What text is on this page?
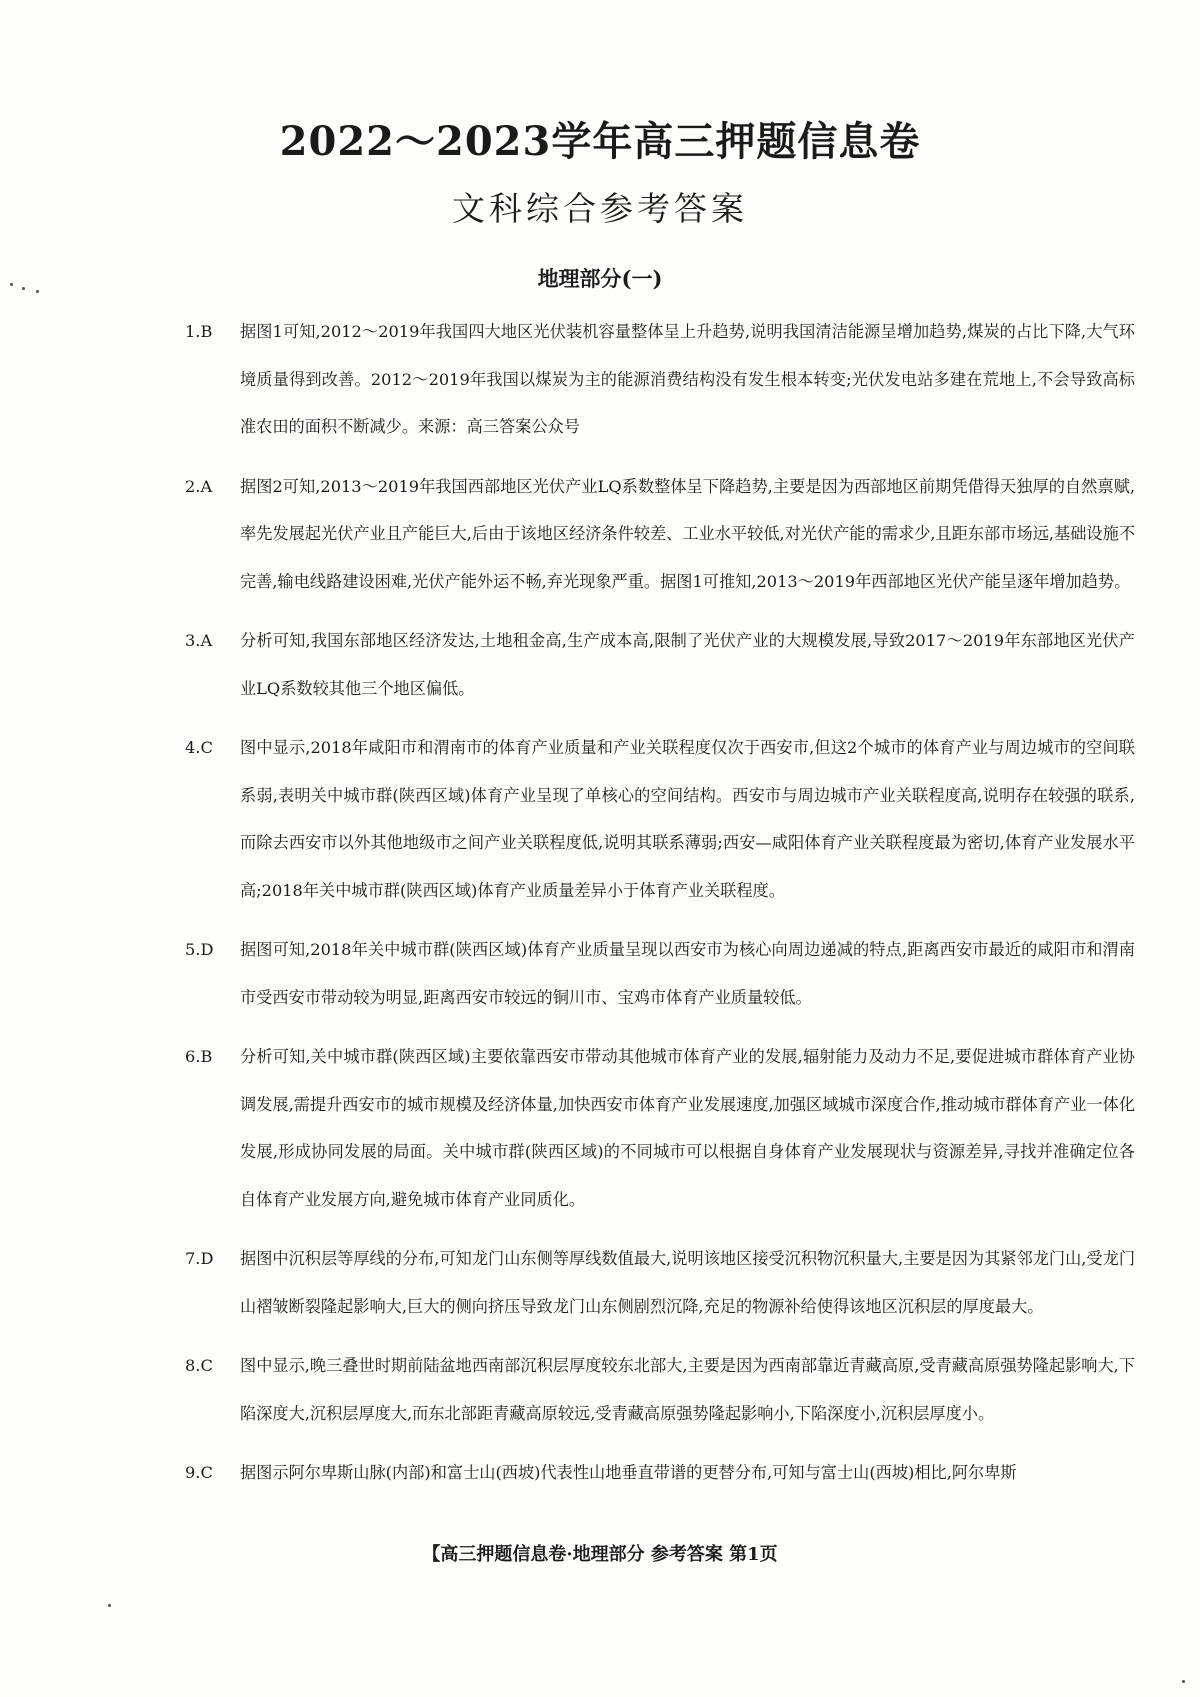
2022～2023学年高三押题信息卷
文科综合参考答案
地理部分(一)
1.B	据图1可知,2012～2019年我国四大地区光伏装机容量整体呈上升趋势,说明我国清洁能源呈增加趋势,煤炭的占比下降,大气环境质量得到改善。2012～2019年我国以煤炭为主的能源消费结构没有发生根本转变;光伏发电站多建在荒地上,不会导致高标准农田的面积不断减少。来源：高三答案公众号
2.A	据图2可知,2013～2019年我国西部地区光伏产业LQ系数整体呈下降趋势,主要是因为西部地区前期凭借得天独厚的自然禀赋,率先发展起光伏产业且产能巨大,后由于该地区经济条件较差、工业水平较低,对光伏产能的需求少,且距东部市场远,基础设施不完善,输电线路建设困难,光伏产能外运不畅,弃光现象严重。据图1可推知,2013～2019年西部地区光伏产能呈逐年增加趋势。
3.A	分析可知,我国东部地区经济发达,土地租金高,生产成本高,限制了光伏产业的大规模发展,导致2017～2019年东部地区光伏产业LQ系数较其他三个地区偏低。
4.C	图中显示,2018年咸阳市和渭南市的体育产业质量和产业关联程度仅次于西安市,但这2个城市的体育产业与周边城市的空间联系弱,表明关中城市群(陕西区域)体育产业呈现了单核心的空间结构。西安市与周边城市产业关联程度高,说明存在较强的联系,而除去西安市以外其他地级市之间产业关联程度低,说明其联系薄弱;西安—咸阳体育产业关联程度最为密切,体育产业发展水平高;2018年关中城市群(陕西区域)体育产业质量差异小于体育产业关联程度。
5.D	据图可知,2018年关中城市群(陕西区域)体育产业质量呈现以西安市为核心向周边递减的特点,距离西安市最近的咸阳市和渭南市受西安市带动较为明显,距离西安市较远的铜川市、宝鸡市体育产业质量较低。
6.B	分析可知,关中城市群(陕西区域)主要依靠西安市带动其他城市体育产业的发展,辐射能力及动力不足,要促进城市群体育产业协调发展,需提升西安市的城市规模及经济体量,加快西安市体育产业发展速度,加强区域城市深度合作,推动城市群体育产业一体化发展,形成协同发展的局面。关中城市群(陕西区域)的不同城市可以根据自身体育产业发展现状与资源差异,寻找并准确定位各自体育产业发展方向,避免城市体育产业同质化。
7.D	据图中沉积层等厚线的分布,可知龙门山东侧等厚线数值最大,说明该地区接受沉积物沉积量大,主要是因为其紧邻龙门山,受龙门山褶皱断裂隆起影响大,巨大的侧向挤压导致龙门山东侧剧烈沉降,充足的物源补给使得该地区沉积层的厚度最大。
8.C	图中显示,晚三叠世时期前陆盆地西南部沉积层厚度较东北部大,主要是因为西南部靠近青藏高原,受青藏高原强势隆起影响大,下陷深度大,沉积层厚度大,而东北部距青藏高原较远,受青藏高原强势隆起影响小,下陷深度小,沉积层厚度小。
9.C	据图示阿尔卑斯山脉(内部)和富士山(西坡)代表性山地垂直带谱的更替分布,可知与富士山(西坡)相比,阿尔卑斯
【高三押题信息卷·地理部分 参考答案 第1页
